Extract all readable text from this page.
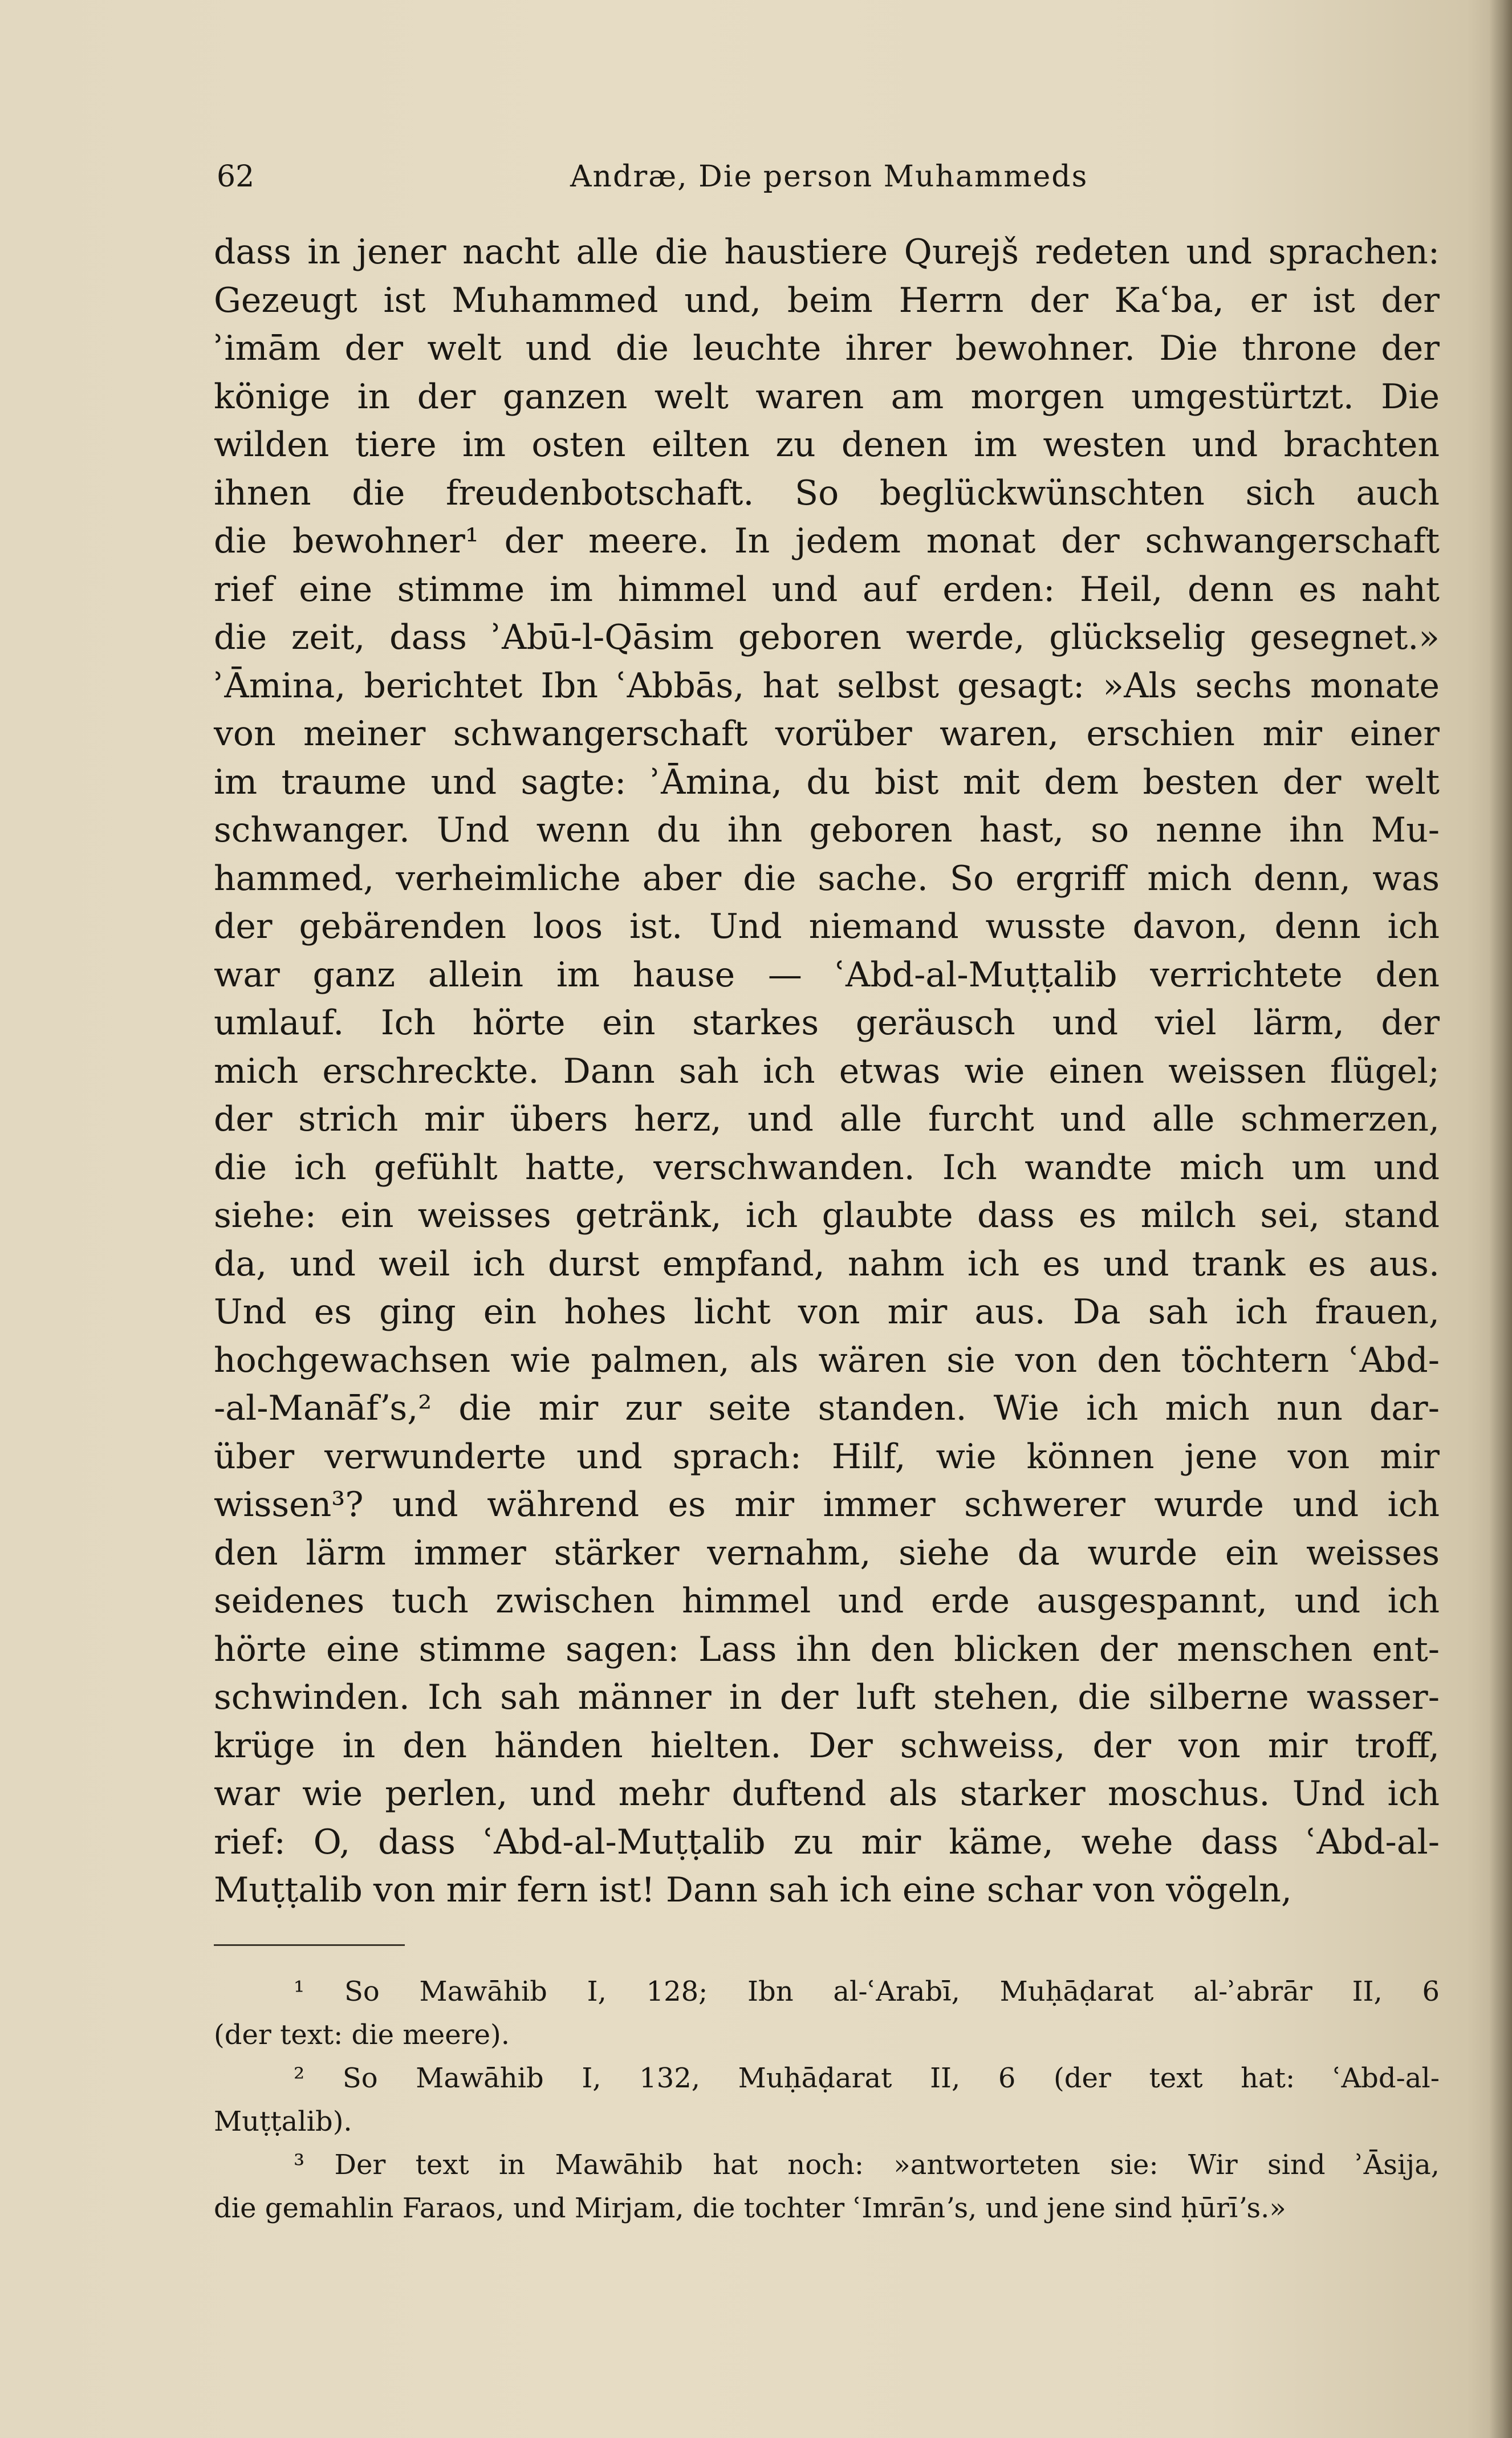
62	Andræ, Die person Muhammeds
dass in jener nacht alle die haustiere Qurejš redeten und sprachen:
Gezeugt ist Muhammed und, beim Herrn der Kaʿba, er ist der
ʾimām der welt und die leuchte ihrer bewohner. Die throne der
könige in der ganzen welt waren am morgen umgestürtzt. Die
wilden tiere im osten eilten zu denen im westen und brachten
ihnen die freudenbotschaft. So beglückwünschten sich auch
die bewohner¹ der meere. In jedem monat der schwangerschaft
rief eine stimme im himmel und auf erden: Heil, denn es naht
die zeit, dass ʾAbū-l-Qāsim geboren werde, glückselig gesegnet.»
ʾĀmina, berichtet Ibn ʿAbbās, hat selbst gesagt: »Als sechs monate
von meiner schwangerschaft vorüber waren, erschien mir einer
im traume und sagte: ʾĀmina, du bist mit dem besten der welt
schwanger. Und wenn du ihn geboren hast, so nenne ihn Mu-
hammed, verheimliche aber die sache. So ergriff mich denn, was
der gebärenden loos ist. Und niemand wusste davon, denn ich
war ganz allein im hause — ʿAbd-al-Muṭṭalib verrichtete den
umlauf. Ich hörte ein starkes geräusch und viel lärm, der
mich erschreckte. Dann sah ich etwas wie einen weissen flügel;
der strich mir übers herz, und alle furcht und alle schmerzen,
die ich gefühlt hatte, verschwanden. Ich wandte mich um und
siehe: ein weisses getränk, ich glaubte dass es milch sei, stand
da, und weil ich durst empfand, nahm ich es und trank es aus.
Und es ging ein hohes licht von mir aus. Da sah ich frauen,
hochgewachsen wie palmen, als wären sie von den töchtern ʿAbd-
-al-Manāfʼs,² die mir zur seite standen. Wie ich mich nun dar-
über verwunderte und sprach: Hilf, wie können jene von mir
wissen³? und während es mir immer schwerer wurde und ich
den lärm immer stärker vernahm, siehe da wurde ein weisses
seidenes tuch zwischen himmel und erde ausgespannt, und ich
hörte eine stimme sagen: Lass ihn den blicken der menschen ent-
schwinden. Ich sah männer in der luft stehen, die silberne wasser-
krüge in den händen hielten. Der schweiss, der von mir troff,
war wie perlen, und mehr duftend als starker moschus. Und ich
rief: O, dass ʿAbd-al-Muṭṭalib zu mir käme, wehe dass ʿAbd-al-
Muṭṭalib von mir fern ist! Dann sah ich eine schar von vögeln,
¹ So Mawāhib I, 128; Ibn al-ʿArabī, Muḥāḍarat al-ʾabrār II, 6
(der text: die meere).
² So Mawāhib I, 132, Muḥāḍarat II, 6 (der text hat: ʿAbd-al-
Muṭṭalib).
³ Der text in Mawāhib hat noch: »antworteten sie: Wir sind ʾĀsija,
die gemahlin Faraos, und Mirjam, die tochter ʿImrānʼs, und jene sind ḥūrīʼs.»
